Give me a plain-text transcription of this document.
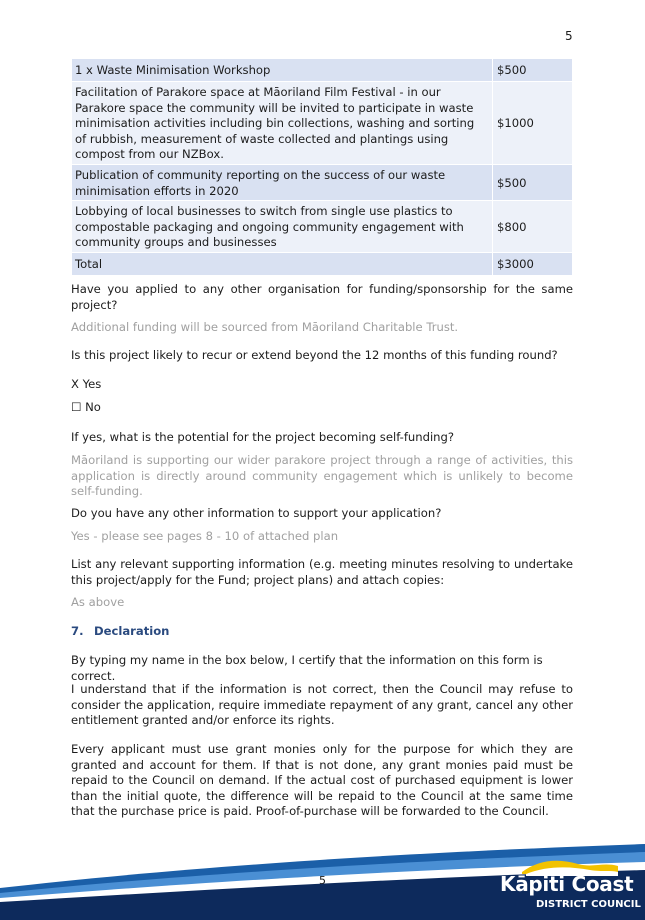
5
1 x Waste Minimisation Workshop	$500
Facilitation of Parakore space at Māoriland Film Festival - in our Parakore space the community will be invited to participate in waste minimisation activities including bin collections, washing and sorting of rubbish, measurement of waste collected and plantings using compost from our NZBox.	$1000
Publication of community reporting on the success of our waste minimisation efforts in 2020	$500
Lobbying of local businesses to switch from single use plastics to compostable packaging and ongoing community engagement with community groups and businesses	$800
Total	$3000
Have you applied to any other organisation for funding/sponsorship for the same project?
Additional funding will be sourced from Māoriland Charitable Trust.
Is this project likely to recur or extend beyond the 12 months of this funding round?
X Yes
☐ No
If yes, what is the potential for the project becoming self-funding?
Māoriland is supporting our wider parakore project through a range of activities, this application is directly around community engagement which is unlikely to become self-funding.
Do you have any other information to support your application?
Yes - please see pages 8 - 10 of attached plan
List any relevant supporting information (e.g. meeting minutes resolving to undertake this project/apply for the Fund; project plans) and attach copies:
As above
7. Declaration
By typing my name in the box below, I certify that the information on this form is correct.
I understand that if the information is not correct, then the Council may refuse to consider the application, require immediate repayment of any grant, cancel any other entitlement granted and/or enforce its rights.
Every applicant must use grant monies only for the purpose for which they are granted and account for them. If that is not done, any grant monies paid must be repaid to the Council on demand. If the actual cost of purchased equipment is lower than the initial quote, the difference will be repaid to the Council at the same time that the purchase price is paid. Proof-of-purchase will be forwarded to the Council.
5	Kāpiti Coast
DISTRICT COUNCIL
